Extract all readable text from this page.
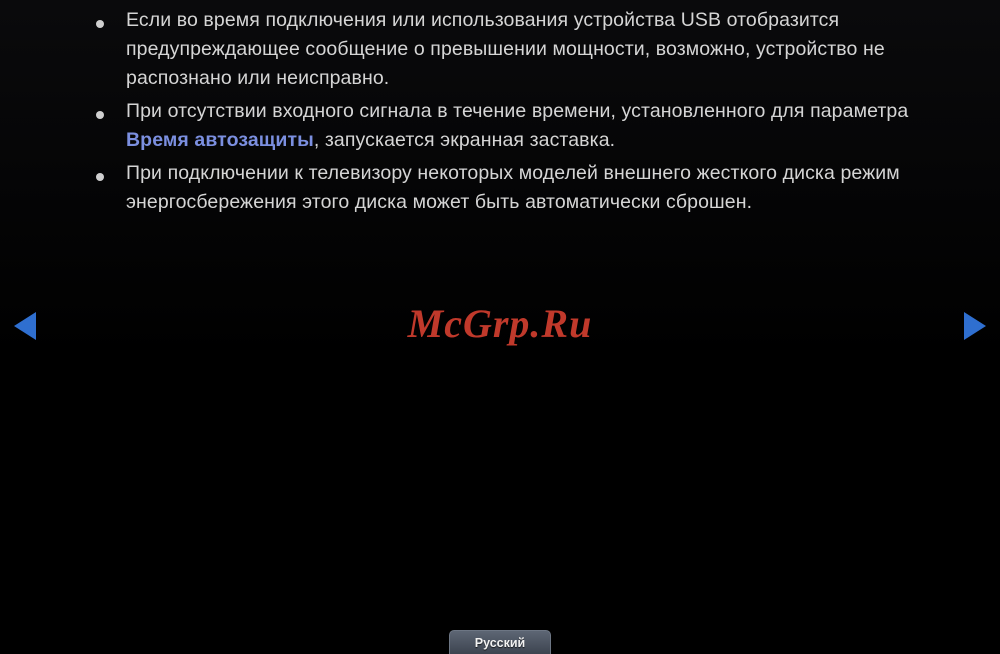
Если во время подключения или использования устройства USB отобразится предупреждающее сообщение о превышении мощности, возможно, устройство не распознано или неисправно.
При отсутствии входного сигнала в течение времени, установленного для параметра Время автозащиты, запускается экранная заставка.
При подключении к телевизору некоторых моделей внешнего жесткого диска режим энергосбережения этого диска может быть автоматически сброшен.
McGrp.Ru
Русский
